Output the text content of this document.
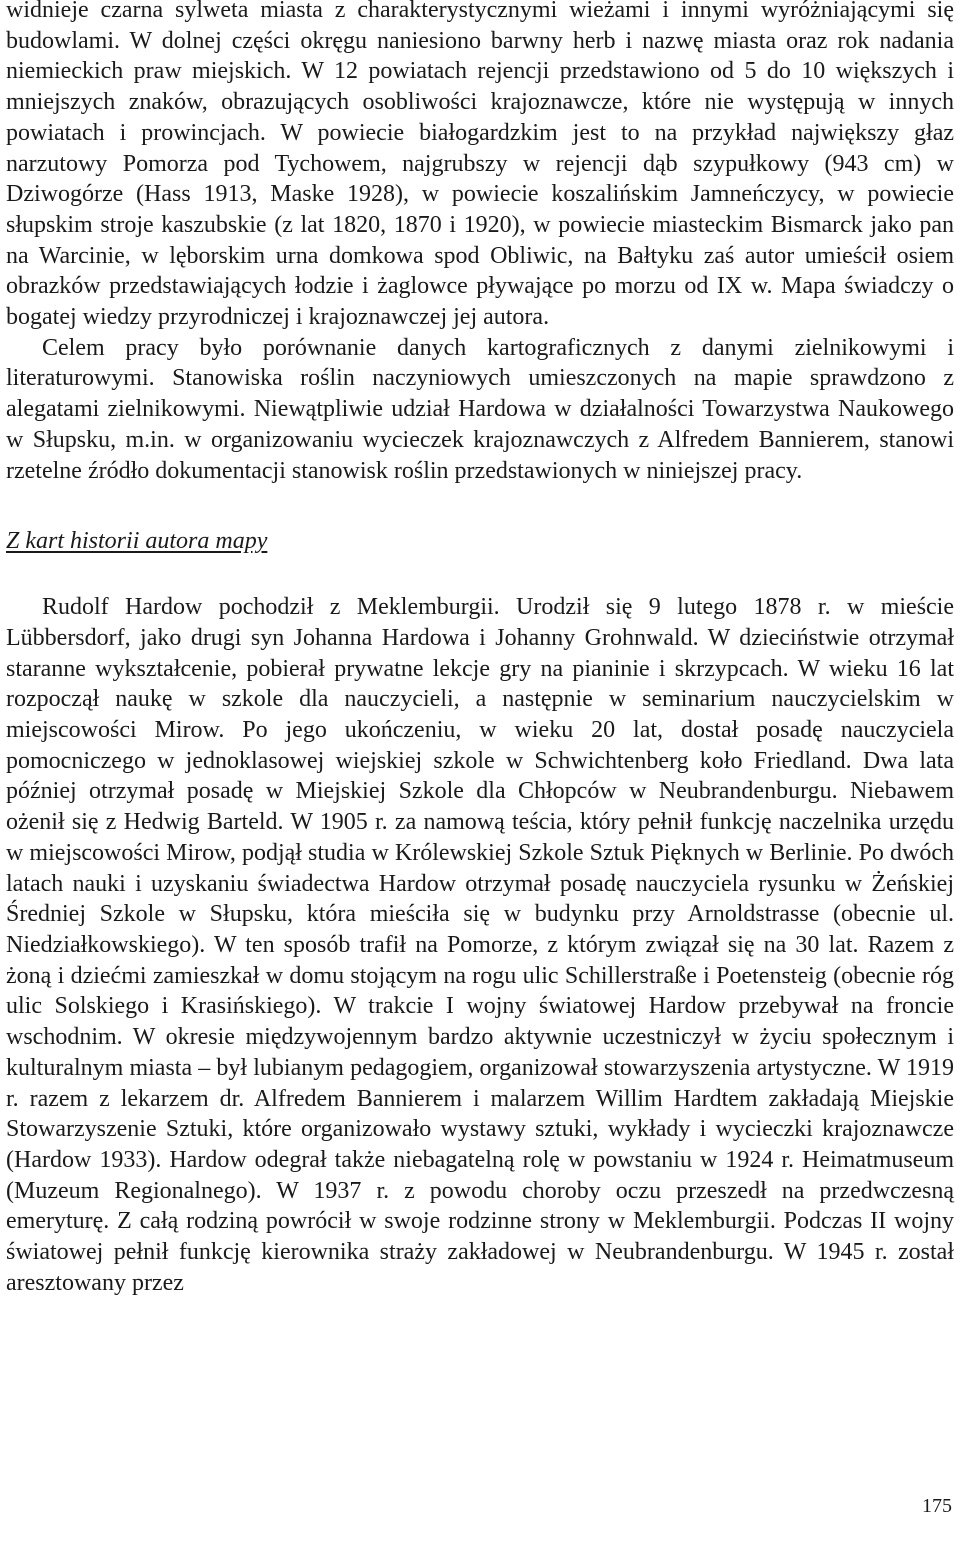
widnieje czarna sylweta miasta z charakterystycznymi wieżami i innymi wyróżniającymi się budowlami. W dolnej części okręgu naniesiono barwny herb i nazwę miasta oraz rok nadania niemieckich praw miejskich. W 12 powiatach rejencji przedstawiono od 5 do 10 większych i mniejszych znaków, obrazujących osobliwości krajoznawcze, które nie występują w innych powiatach i prowincjach. W powiecie białogardzkim jest to na przykład największy głaz narzutowy Pomorza pod Tychowem, najgrubszy w rejencji dąb szypułkowy (943 cm) w Dziwogórze (Hass 1913, Maske 1928), w powiecie koszalińskim Jamneńczycy, w powiecie słupskim stroje kaszubskie (z lat 1820, 1870 i 1920), w powiecie miasteckim Bismarck jako pan na Warcinie, w lęborskim urna domkowa spod Obliwic, na Bałtyku zaś autor umieścił osiem obrazków przedstawiających łodzie i żaglowce pływające po morzu od IX w. Mapa świadczy o bogatej wiedzy przyrodniczej i krajoznawczej jej autora.

Celem pracy było porównanie danych kartograficznych z danymi zielnikowymi i literaturowymi. Stanowiska roślin naczyniowych umieszczonych na mapie sprawdzono z alegatami zielnikowymi. Niewątpliwie udział Hardowa w działalności Towarzystwa Naukowego w Słupsku, m.in. w organizowaniu wycieczek krajoznawczych z Alfredem Bannierem, stanowi rzetelne źródło dokumentacji stanowisk roślin przedstawionych w niniejszej pracy.

Z kart historii autora mapy

Rudolf Hardow pochodził z Meklemburgii. Urodził się 9 lutego 1878 r. w mieście Lübbersdorf, jako drugi syn Johanna Hardowa i Johanny Grohnwald. W dzieciństwie otrzymał staranne wykształcenie, pobierał prywatne lekcje gry na pianinie i skrzypcach. W wieku 16 lat rozpoczął naukę w szkole dla nauczycieli, a następnie w seminarium nauczycielskim w miejscowości Mirow. Po jego ukończeniu, w wieku 20 lat, dostał posadę nauczyciela pomocniczego w jednoklasowej wiejskiej szkole w Schwichtenberg koło Friedland. Dwa lata później otrzymał posadę w Miejskiej Szkole dla Chłopców w Neubrandenburgu. Niebawem ożenił się z Hedwig Barteld. W 1905 r. za namową teścia, który pełnił funkcję naczelnika urzędu w miejscowości Mirow, podjął studia w Królewskiej Szkole Sztuk Pięknych w Berlinie. Po dwóch latach nauki i uzyskaniu świadectwa Hardow otrzymał posadę nauczyciela rysunku w Żeńskiej Średniej Szkole w Słupsku, która mieściła się w budynku przy Arnoldstrasse (obecnie ul. Niedziałkowskiego). W ten sposób trafił na Pomorze, z którym związał się na 30 lat. Razem z żoną i dziećmi zamieszkał w domu stojącym na rogu ulic Schillerstraße i Poetensteig (obecnie róg ulic Solskiego i Krasińskiego). W trakcie I wojny światowej Hardow przebywał na froncie wschodnim. W okresie międzywojennym bardzo aktywnie uczestniczył w życiu społecznym i kulturalnym miasta – był lubianym pedagogiem, organizował stowarzyszenia artystyczne. W 1919 r. razem z lekarzem dr. Alfredem Bannierem i malarzem Willim Hardtem zakładają Miejskie Stowarzyszenie Sztuki, które organizowało wystawy sztuki, wykłady i wycieczki krajoznawcze (Hardow 1933). Hardow odegrał także niebagatelną rolę w powstaniu w 1924 r. Heimatmuseum (Muzeum Regionalnego). W 1937 r. z powodu choroby oczu przeszedł na przedwczesną emeryturę. Z całą rodziną powrócił w swoje rodzinne strony w Meklemburgii. Podczas II wojny światowej pełnił funkcję kierownika straży zakładowej w Neubrandenburgu. W 1945 r. został aresztowany przez

175
